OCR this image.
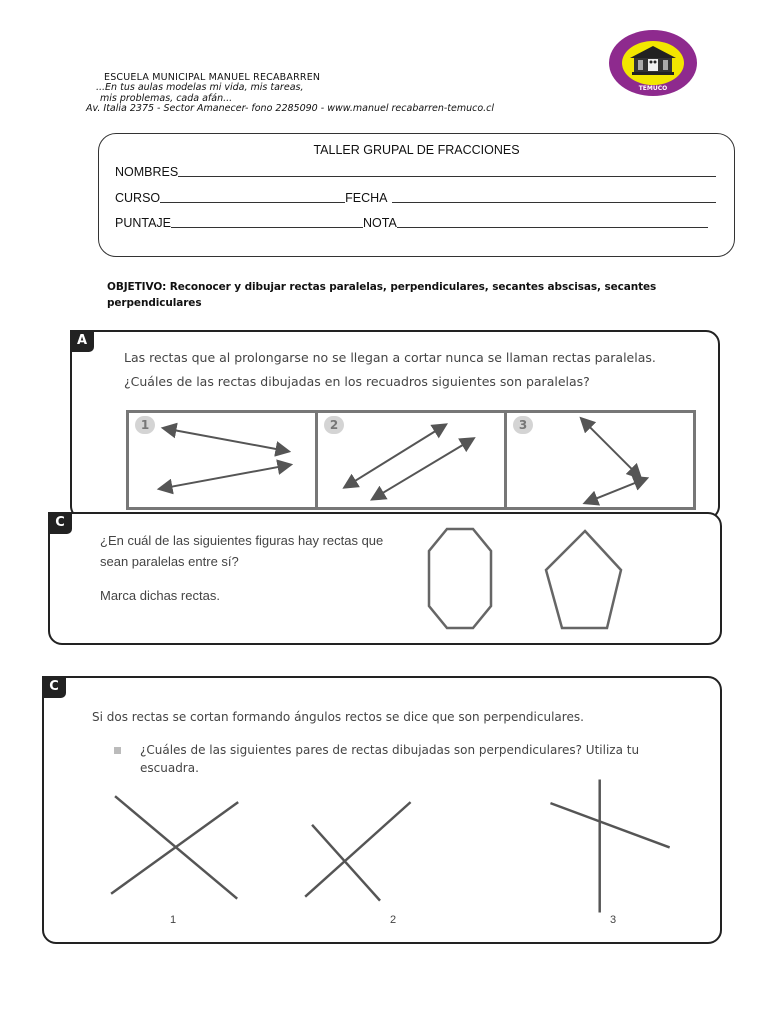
ESCUELA MUNICIPAL MANUEL RECABARREN
...En tus aulas modelas mi vida, mis tareas,
mis problemas, cada afán...
Av. Italia 2375 - Sector Amanecer- fono 2285090 - www.manuel recabarren-temuco.cl
TEMUCO
TALLER GRUPAL DE FRACCIONES
NOMBRES
CURSO	FECHA
PUNTAJE	NOTA
OBJETIVO: Reconocer y dibujar rectas paralelas, perpendiculares, secantes abscisas, secantes perpendiculares
A
Las rectas que al prolongarse no se llegan a cortar nunca se llaman rectas paralelas.
¿Cuáles de las rectas dibujadas en los recuadros siguientes son paralelas?
1	2	3
C
¿En cuál de las siguientes figuras hay rectas que sean paralelas entre sí?
Marca dichas rectas.
C
Si dos rectas se cortan formando ángulos rectos se dice que son perpendiculares.
¿Cuáles de las siguientes pares de rectas dibujadas son perpendiculares? Utiliza tu escuadra.
1	2	3
